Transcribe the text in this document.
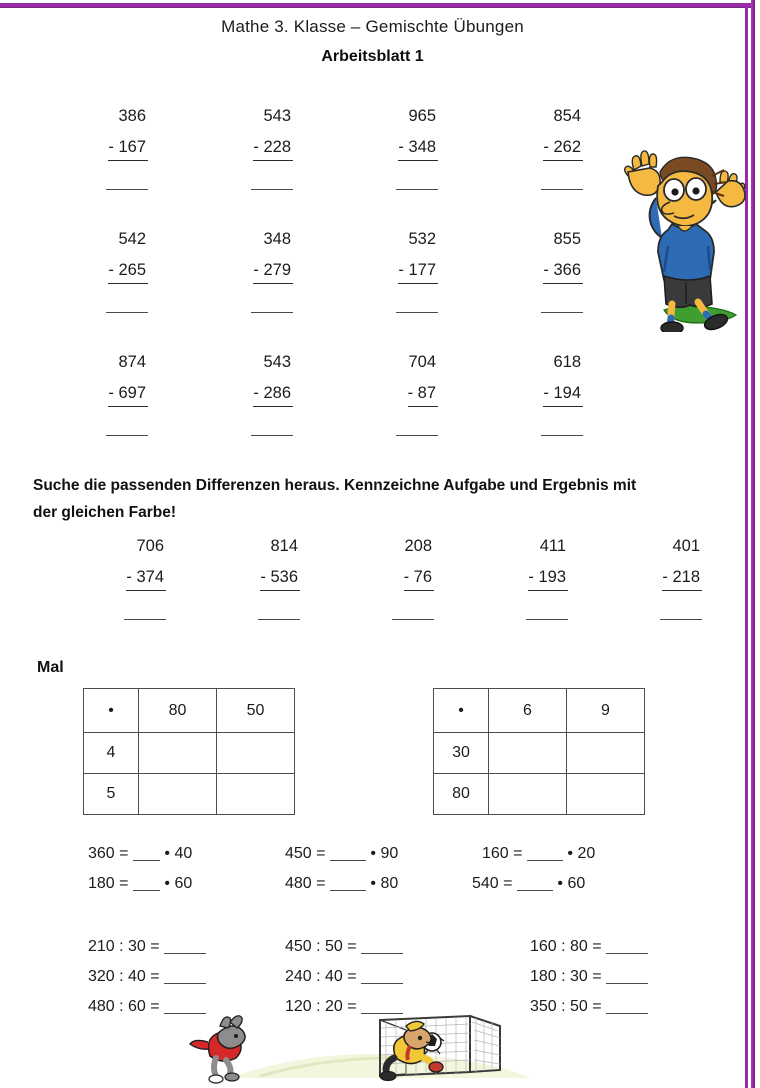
Mathe 3. Klasse – Gemischte Übungen
Arbeitsblatt 1
386
- 167
543
- 228
965
- 348
854
- 262
542
- 265
348
- 279
532
- 177
855
- 366
874
- 697
543
- 286
704
- 87
618
- 194
Suche die passenden Differenzen heraus. Kennzeichne Aufgabe und Ergebnis mit
der gleichen Farbe!
706
- 374
814
- 536
208
- 76
411
- 193
401
- 218
Mal
•	80	50
4		
5		
•	6	9
30		
80		
360 = • 40
180 = • 60
450 =	• 90
480 =	• 80
160 =	• 20
540 =	• 60
210 : 30 =
320 : 40 =
480 : 60 =
450 : 50 =
240 : 40 =
120 : 20 =
160 : 80 =
180 : 30 =
350 : 50 =
